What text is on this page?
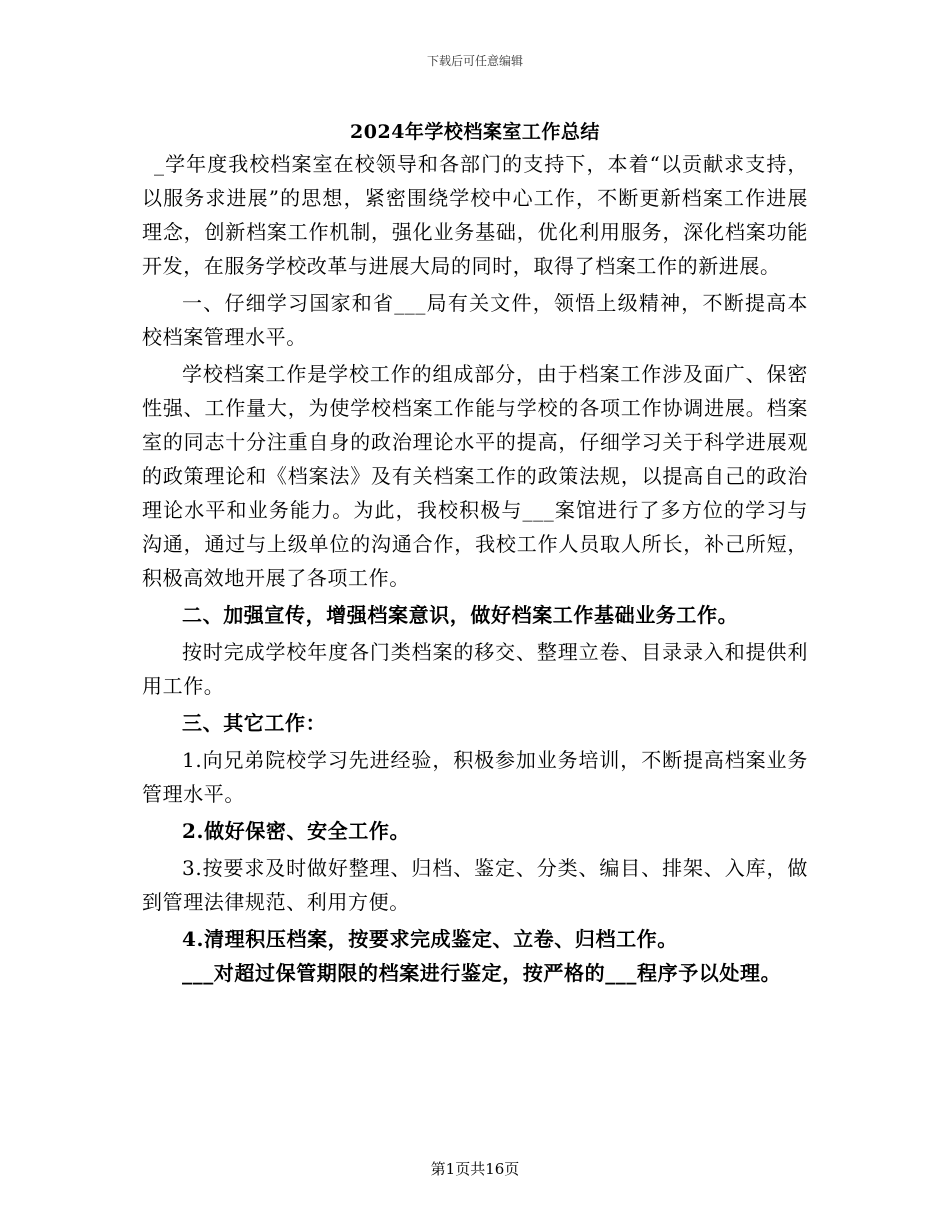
下载后可任意编辑
2024年学校档案室工作总结

_学年度我校档案室在校领导和各部门的支持下，本着“以贡献求支持，以服务求进展”的思想，紧密围绕学校中心工作，不断更新档案工作进展理念，创新档案工作机制，强化业务基础，优化利用服务，深化档案功能开发，在服务学校改革与进展大局的同时，取得了档案工作的新进展。

一、仔细学习国家和省___局有关文件，领悟上级精神，不断提高本校档案管理水平。

学校档案工作是学校工作的组成部分，由于档案工作涉及面广、保密性强、工作量大，为使学校档案工作能与学校的各项工作协调进展。档案室的同志十分注重自身的政治理论水平的提高，仔细学习关于科学进展观的政策理论和《档案法》及有关档案工作的政策法规，以提高自己的政治理论水平和业务能力。为此，我校积极与___案馆进行了多方位的学习与沟通，通过与上级单位的沟通合作，我校工作人员取人所长，补己所短，积极高效地开展了各项工作。

二、加强宣传，增强档案意识，做好档案工作基础业务工作。

按时完成学校年度各门类档案的移交、整理立卷、目录录入和提供利用工作。

三、其它工作：

1.向兄弟院校学习先进经验，积极参加业务培训，不断提高档案业务管理水平。

2.做好保密、安全工作。

3.按要求及时做好整理、归档、鉴定、分类、编目、排架、入库，做到管理法律规范、利用方便。

4.清理积压档案，按要求完成鉴定、立卷、归档工作。

___对超过保管期限的档案进行鉴定，按严格的___程序予以处理。

第1页共16页
